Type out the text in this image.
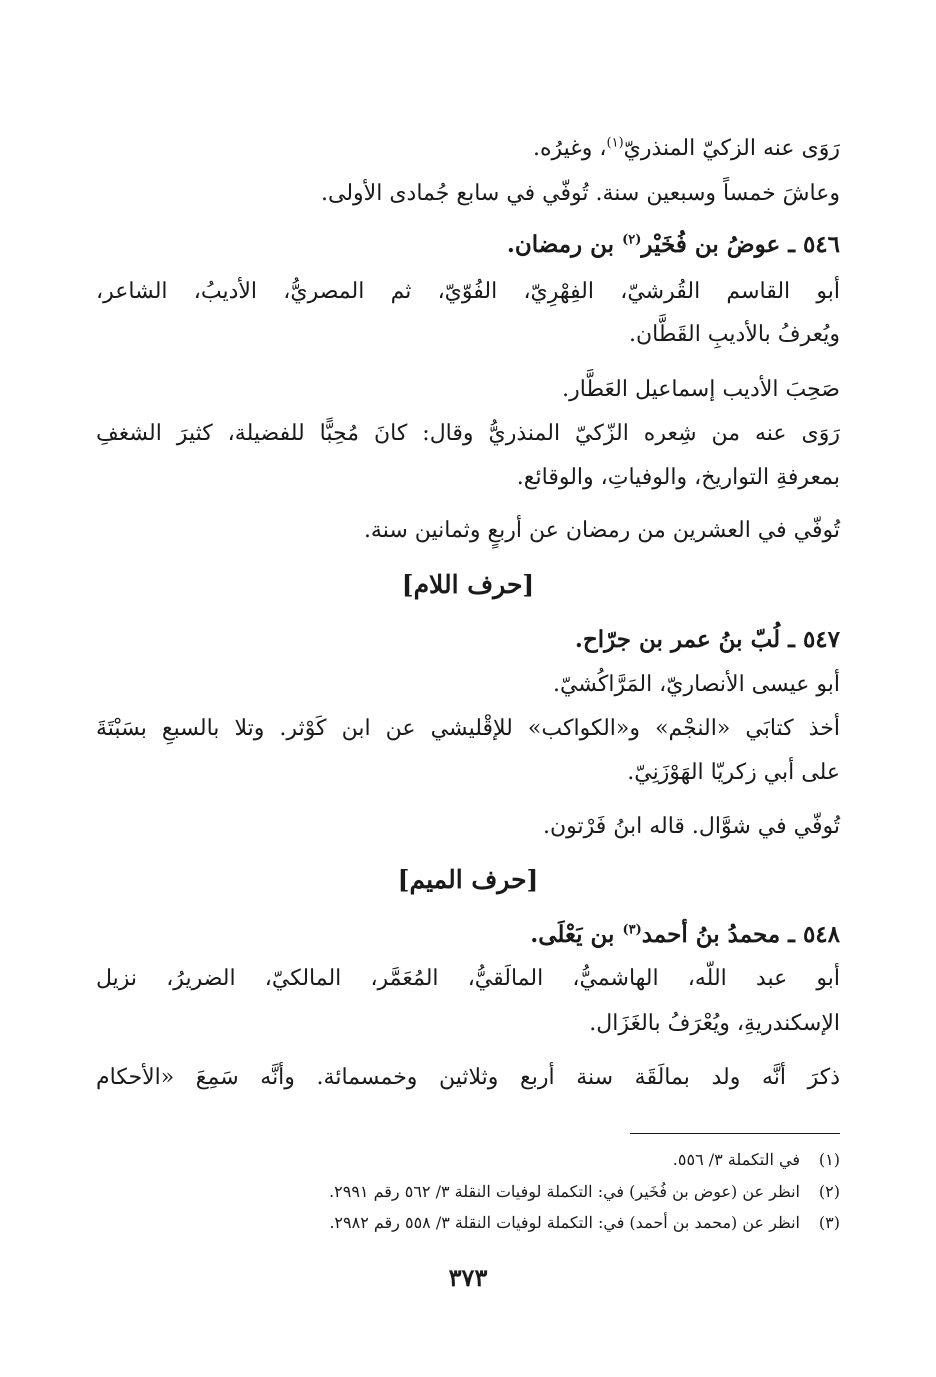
رَوَى عنه الزكيّ المنذريّ$^{(١)}$، وغيرُه.
وعاشَ خمساً وسبعين سنة. تُوفّي في سابع جُمادى الأولى.
٥٤٦ ـ عوضُ بن فُخَيْر$^{(٢)}$ بن رمضان.
أبو القاسم القُرشيّ، الفِهْرِيّ، الفُوّيّ، ثم المصريُّ، الأديبُ، الشاعر،
ويُعرفُ بالأديبِ القَطَّان.
صَحِبَ الأديب إسماعيل العَطَّار.
رَوَى عنه من شِعره الزّكيّ المنذريُّ وقال: كانَ مُحِبًّا للفضيلة، كثيرَ الشغفِ
بمعرفةِ التواريخ، والوفياتِ، والوقائع.
تُوفّي في العشرين من رمضان عن أربعٍ وثمانين سنة.
[حرف اللام]
٥٤٧ ـ لُبّ بنُ عمر بن جرّاح.
أبو عيسى الأنصاريّ، المَرَّاكُشيّ.
أخذ كتابَي «النجْم» و«الكواكب» للإقْليشي عن ابن كَوْثر. وتلا بالسبعِ بسَبْتَةَ
على أبي زكريّا الهَوْزَنِيّ.
تُوفّي في شوَّال. قاله ابنُ فَرْتون.
[حرف الميم]
٥٤٨ ـ محمدُ بنُ أحمد$^{(٣)}$ بن يَعْلَى.
أبو عبد اللّه، الهاشميُّ، المالَقيُّ، المُعَمَّر، المالكيّ، الضريرُ، نزيل
الإسكندريةِ، ويُعْرَفُ بالغَزَال.
ذكرَ أنَّه ولد بمالَقَة سنة أربع وثلاثين وخمسمائة. وأنَّه سَمِعَ «الأحكام
(١)في التكملة ٣/ ٥٥٦.
(٢)انظر عن (عوض بن فُخَير) في: التكملة لوفيات النقلة ٣/ ٥٦٢ رقم ٢٩٩١.
(٣)انظر عن (محمد بن أحمد) في: التكملة لوفيات النقلة ٣/ ٥٥٨ رقم ٢٩٨٢.
٣٧٣
